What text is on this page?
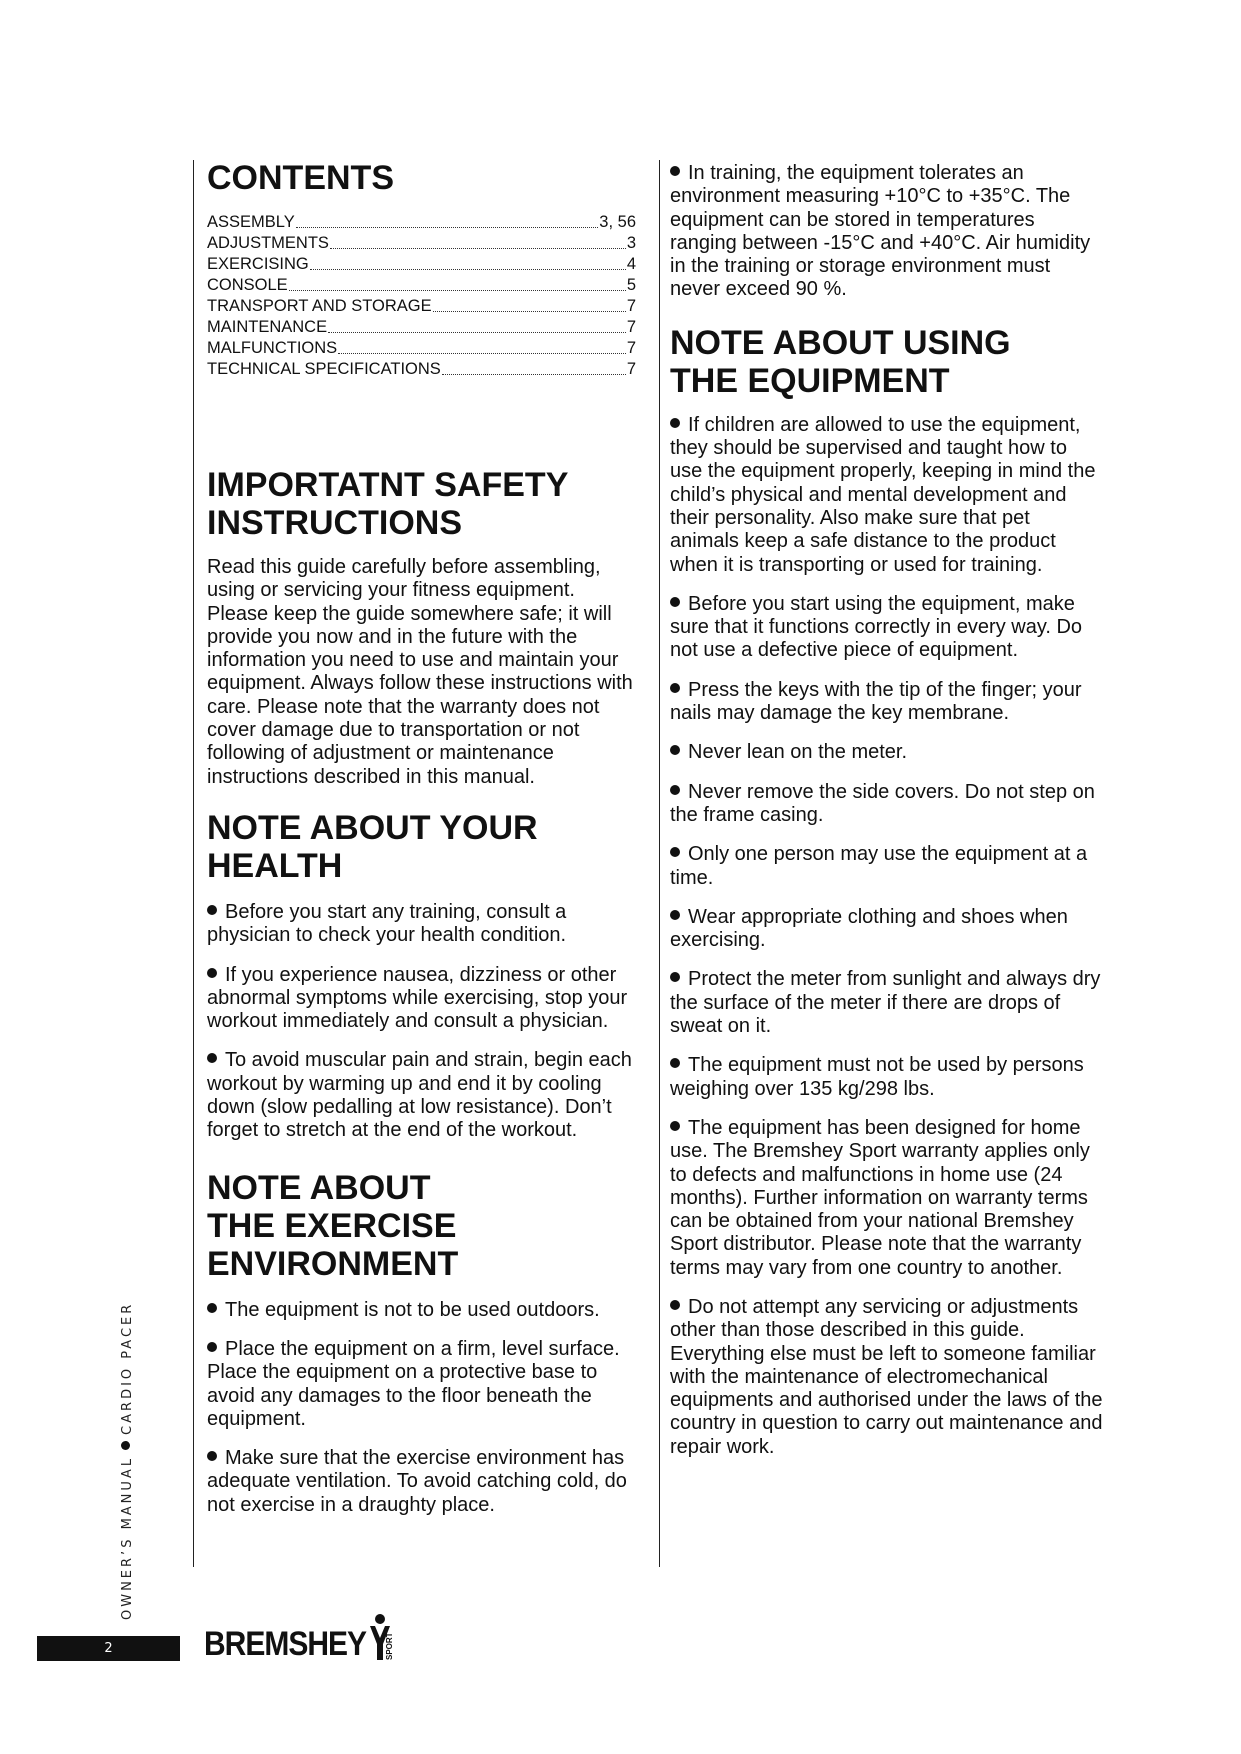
CONTENTS
ASSEMBLY	3, 56
ADJUSTMENTS	3
EXERCISING	4
CONSOLE	5
TRANSPORT AND STORAGE	7
MAINTENANCE	7
MALFUNCTIONS	7
TECHNICAL SPECIFICATIONS	7
IMPORTATNT SAFETY
INSTRUCTIONS

Read this guide carefully before assembling, using or servicing your fitness equipment. Please keep the guide somewhere safe; it will provide you now and in the future with the information you need to use and maintain your equipment. Always follow these instructions with care. Please note that the warranty does not cover damage due to transportation or not following of adjustment or maintenance instructions described in this manual.

NOTE ABOUT YOUR
HEALTH

Before you start any training, consult a physician to check your health condition.

If you experience nausea, dizziness or other abnormal symptoms while exercising, stop your workout immediately and consult a physician.

To avoid muscular pain and strain, begin each workout by warming up and end it by cooling down (slow pedalling at low resistance). Don’t forget to stretch at the end of the workout.

NOTE ABOUT
THE EXERCISE
ENVIRONMENT

The equipment is not to be used outdoors.

Place the equipment on a firm, level surface. Place the equipment on a protective base to avoid any damages to the floor beneath the equipment.

Make sure that the exercise environment has adequate ventilation. To avoid catching cold, do not exercise in a draughty place.

In training, the equipment tolerates an environment measuring +10°C to +35°C. The equipment can be stored in temperatures ranging between -15°C and +40°C. Air humidity in the training or storage environment must never exceed 90 %.

NOTE ABOUT USING
THE EQUIPMENT

If children are allowed to use the equipment, they should be supervised and taught how to use the equipment properly, keeping in mind the child’s physical and mental development and their personality. Also make sure that pet animals keep a safe distance to the product when it is transporting or used for training.

Before you start using the equipment, make sure that it functions correctly in every way. Do not use a defective piece of equipment.

Press the keys with the tip of the finger; your nails may damage the key membrane.

Never lean on the meter.

Never remove the side covers. Do not step on the frame casing.

Only one person may use the equipment at a time.

Wear appropriate clothing and shoes when exercising.

Protect the meter from sunlight and always dry the surface of the meter if there are drops of sweat on it.

The equipment must not be used by persons weighing over 135 kg/298 lbs.

The equipment has been designed for home use. The Bremshey Sport warranty applies only to defects and malfunctions in home use (24 months). Further information on warranty terms can be obtained from your national Bremshey Sport distributor. Please note that the warranty terms may vary from one country to another.

Do not attempt any servicing or adjustments other than those described in this guide. Everything else must be left to someone familiar with the maintenance of electromechanical equipments and authorised under the laws of the country in question to carry out maintenance and repair work.

OWNER’S MANUALCARDIO PACER
2	BREMSHEY SPORT
